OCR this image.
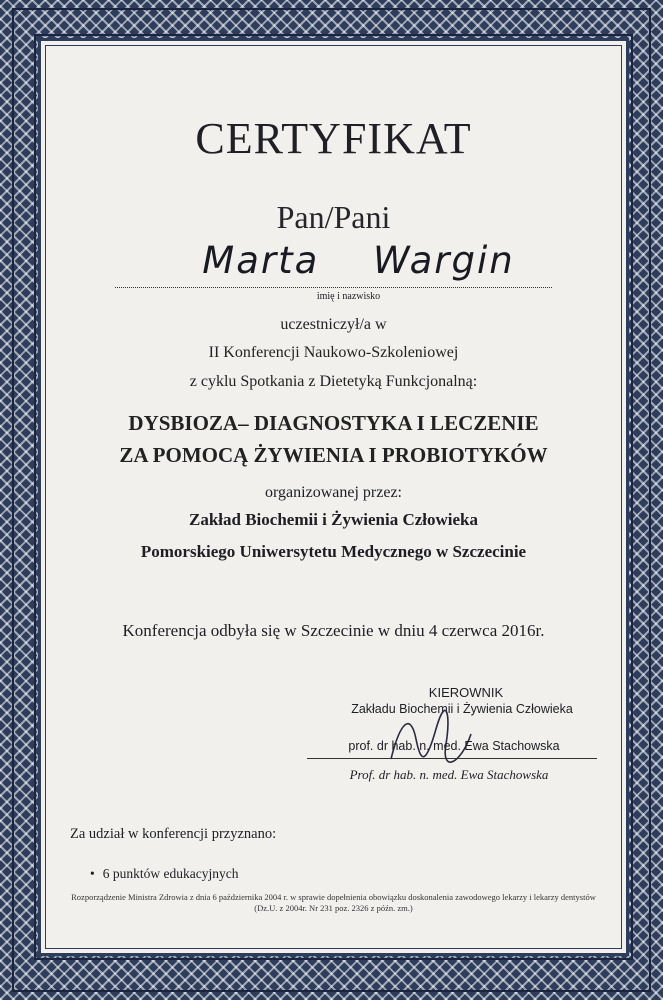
CERTYFIKAT
Pan/Pani
Marta Wargin
imię i nazwisko
uczestniczył/a w
II Konferencji Naukowo-Szkoleniowej
z cyklu Spotkania z Dietetyką Funkcjonalną:
DYSBIOZA– DIAGNOSTYKA I LECZENIE
ZA POMOCĄ ŻYWIENIA I PROBIOTYKÓW
organizowanej przez:
Zakład Biochemii i Żywienia Człowieka
Pomorskiego Uniwersytetu Medycznego w Szczecinie
Konferencja odbyła się w Szczecinie w dniu 4 czerwca 2016r.
KIEROWNIK
Zakładu Biochemii i Żywienia Człowieka
prof. dr hab. n. med. Ewa Stachowska
Prof. dr hab. n. med. Ewa Stachowska
Za udział w konferencji przyznano:
• 6 punktów edukacyjnych
Rozporządzenie Ministra Zdrowia z dnia 6 października 2004 r. w sprawie dopełnienia obowiązku doskonalenia zawodowego lekarzy i lekarzy dentystów (Dz.U. z 2004r. Nr 231 poz. 2326 z późn. zm.)
